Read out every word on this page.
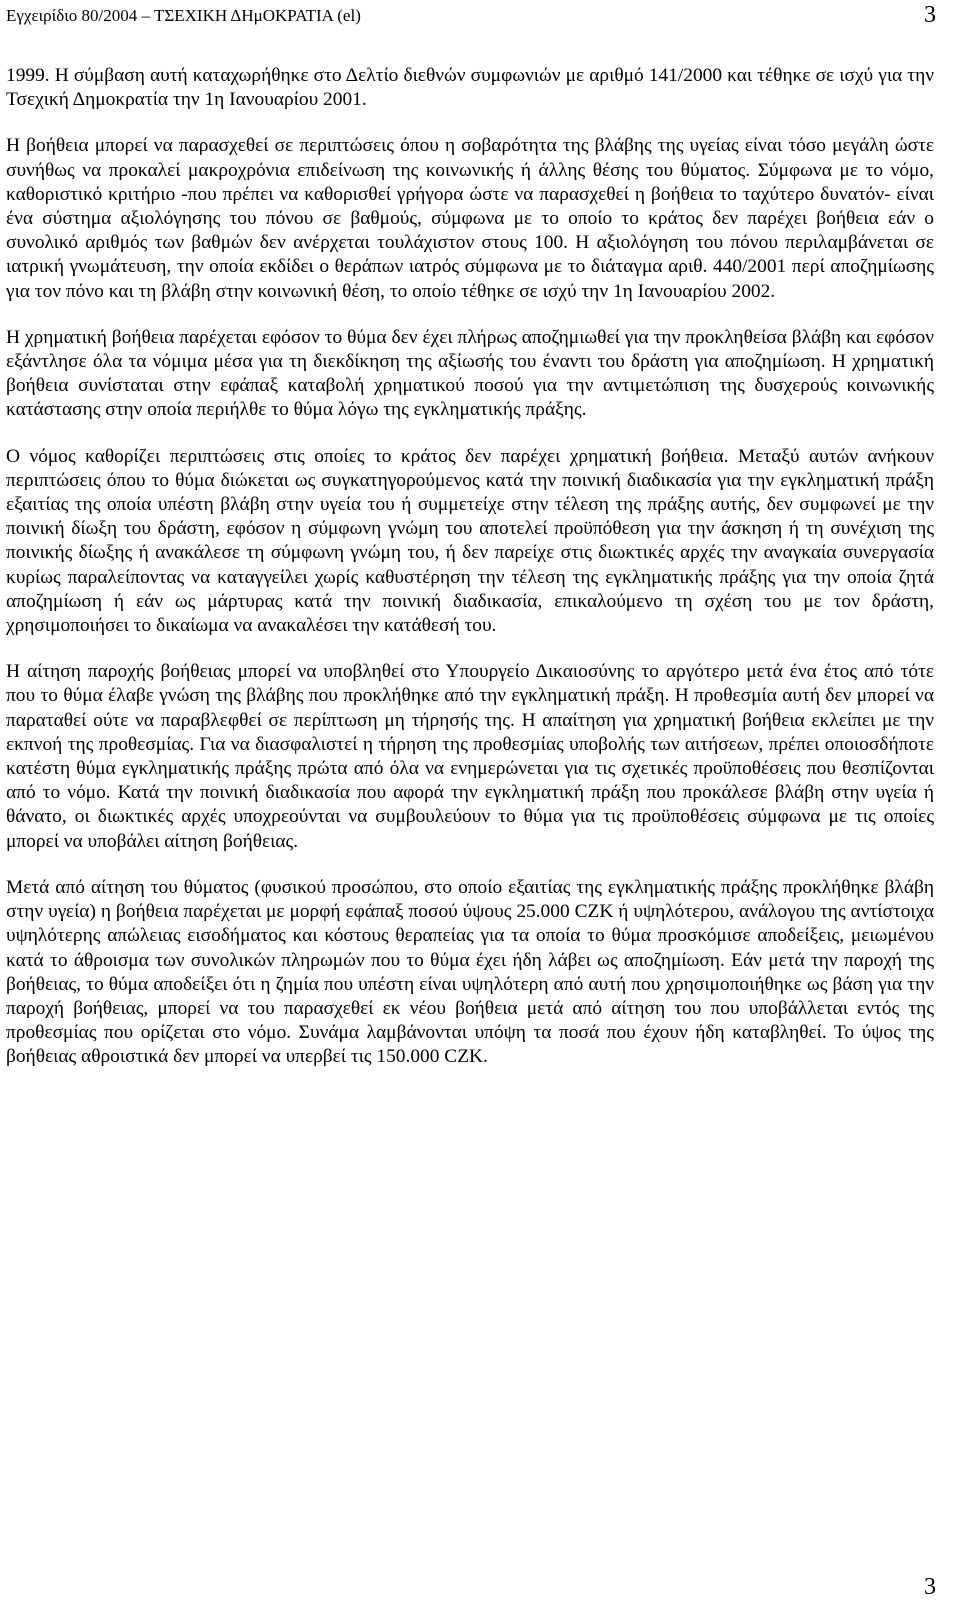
Εγχειρίδιο 80/2004 – ΤΣΕΧΙΚΗ ΔΗμΟΚΡΑΤΙΑ (el)	3

1999. Η σύμβαση αυτή καταχωρήθηκε στο Δελτίο διεθνών συμφωνιών με αριθμό 141/2000 και τέθηκε σε ισχύ για την Τσεχική Δημοκρατία την 1η Ιανουαρίου 2001.

Η βοήθεια μπορεί να παρασχεθεί σε περιπτώσεις όπου η σοβαρότητα της βλάβης της υγείας είναι τόσο μεγάλη ώστε συνήθως να προκαλεί μακροχρόνια επιδείνωση της κοινωνικής ή άλλης θέσης του θύματος. Σύμφωνα με το νόμο, καθοριστικό κριτήριο -που πρέπει να καθορισθεί γρήγορα ώστε να παρασχεθεί η βοήθεια το ταχύτερο δυνατόν- είναι ένα σύστημα αξιολόγησης του πόνου σε βαθμούς, σύμφωνα με το οποίο το κράτος δεν παρέχει βοήθεια εάν ο συνολικό αριθμός των βαθμών δεν ανέρχεται τουλάχιστον στους 100. Η αξιολόγηση του πόνου περιλαμβάνεται σε ιατρική γνωμάτευση, την οποία εκδίδει ο θεράπων ιατρός σύμφωνα με το διάταγμα αριθ. 440/2001 περί αποζημίωσης για τον πόνο και τη βλάβη στην κοινωνική θέση, το οποίο τέθηκε σε ισχύ την 1η Ιανουαρίου 2002.

Η χρηματική βοήθεια παρέχεται εφόσον το θύμα δεν έχει πλήρως αποζημιωθεί για την προκληθείσα βλάβη και εφόσον εξάντλησε όλα τα νόμιμα μέσα για τη διεκδίκηση της αξίωσής του έναντι του δράστη για αποζημίωση. Η χρηματική βοήθεια συνίσταται στην εφάπαξ καταβολή χρηματικού ποσού για την αντιμετώπιση της δυσχερούς κοινωνικής κατάστασης στην οποία περιήλθε το θύμα λόγω της εγκληματικής πράξης.

Ο νόμος καθορίζει περιπτώσεις στις οποίες το κράτος δεν παρέχει χρηματική βοήθεια. Μεταξύ αυτών ανήκουν περιπτώσεις όπου το θύμα διώκεται ως συγκατηγορούμενος κατά την ποινική διαδικασία για την εγκληματική πράξη εξαιτίας της οποία υπέστη βλάβη στην υγεία του ή συμμετείχε στην τέλεση της πράξης αυτής, δεν συμφωνεί με την ποινική δίωξη του δράστη, εφόσον η σύμφωνη γνώμη του αποτελεί προϋπόθεση για την άσκηση ή τη συνέχιση της ποινικής δίωξης ή ανακάλεσε τη σύμφωνη γνώμη του, ή δεν παρείχε στις διωκτικές αρχές την αναγκαία συνεργασία κυρίως παραλείποντας να καταγγείλει χωρίς καθυστέρηση την τέλεση της εγκληματικής πράξης για την οποία ζητά αποζημίωση ή εάν ως μάρτυρας κατά την ποινική διαδικασία, επικαλούμενο τη σχέση του με τον δράστη, χρησιμοποιήσει το δικαίωμα να ανακαλέσει την κατάθεσή του.

Η αίτηση παροχής βοήθειας μπορεί να υποβληθεί στο Υπουργείο Δικαιοσύνης το αργότερο μετά ένα έτος από τότε που το θύμα έλαβε γνώση της βλάβης που προκλήθηκε από την εγκληματική πράξη. Η προθεσμία αυτή δεν μπορεί να παραταθεί ούτε να παραβλεφθεί σε περίπτωση μη τήρησής της. Η απαίτηση για χρηματική βοήθεια εκλείπει με την εκπνοή της προθεσμίας. Για να διασφαλιστεί η τήρηση της προθεσμίας υποβολής των αιτήσεων, πρέπει οποιοσδήποτε κατέστη θύμα εγκληματικής πράξης πρώτα από όλα να ενημερώνεται για τις σχετικές προϋποθέσεις που θεσπίζονται από το νόμο. Κατά την ποινική διαδικασία που αφορά την εγκληματική πράξη που προκάλεσε βλάβη στην υγεία ή θάνατο, οι διωκτικές αρχές υποχρεούνται να συμβουλεύουν το θύμα για τις προϋποθέσεις σύμφωνα με τις οποίες μπορεί να υποβάλει αίτηση βοήθειας.

Μετά από αίτηση του θύματος (φυσικού προσώπου, στο οποίο εξαιτίας της εγκληματικής πράξης προκλήθηκε βλάβη στην υγεία) η βοήθεια παρέχεται με μορφή εφάπαξ ποσού ύψους 25.000 CZK ή υψηλότερου, ανάλογου της αντίστοιχα υψηλότερης απώλειας εισοδήματος και κόστους θεραπείας για τα οποία το θύμα προσκόμισε αποδείξεις, μειωμένου κατά το άθροισμα των συνολικών πληρωμών που το θύμα έχει ήδη λάβει ως αποζημίωση. Εάν μετά την παροχή της βοήθειας, το θύμα αποδείξει ότι η ζημία που υπέστη είναι υψηλότερη από αυτή που χρησιμοποιήθηκε ως βάση για την παροχή βοήθειας, μπορεί να του παρασχεθεί εκ νέου βοήθεια μετά από αίτηση του που υποβάλλεται εντός της προθεσμίας που ορίζεται στο νόμο. Συνάμα λαμβάνονται υπόψη τα ποσά που έχουν ήδη καταβληθεί. Το ύψος της βοήθειας αθροιστικά δεν μπορεί να υπερβεί τις 150.000 CZK.

3
